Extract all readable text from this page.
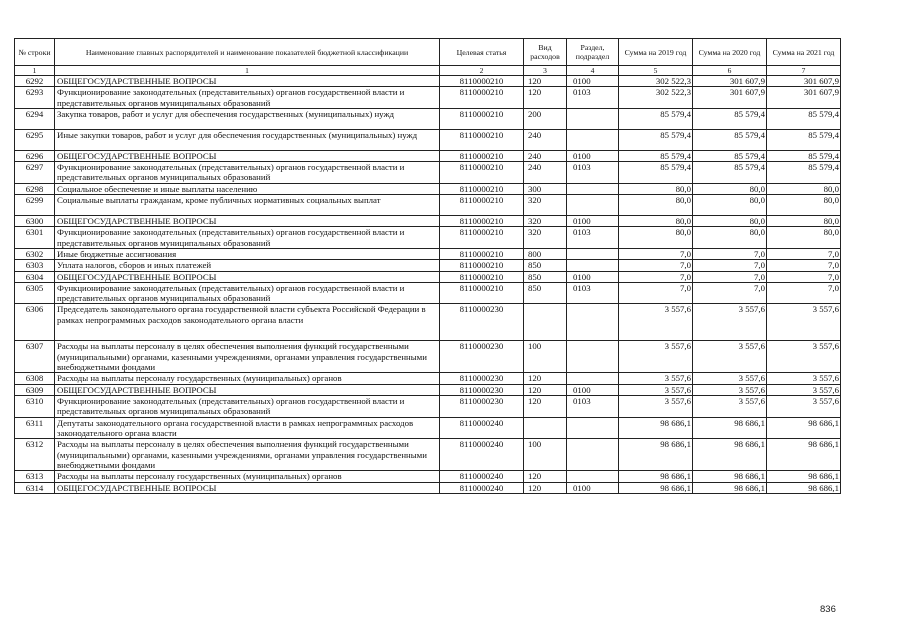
№ строки	Наименование главных распорядителей и наименование показателей бюджетной классификации	Целевая статья	Вид расходов	Раздел, подраздел	Сумма на 2019 год	Сумма на 2020 год	Сумма на 2021 год
1	1	2	3	4	5	6	7
6292	ОБЩЕГОСУДАРСТВЕННЫЕ ВОПРОСЫ	8110000210	120	0100	302 522,3	301 607,9	301 607,9
6293	Функционирование законодательных (представительных) органов государственной власти и представительных органов муниципальных образований	8110000210	120	0103	302 522,3	301 607,9	301 607,9
6294	Закупка товаров, работ и услуг для обеспечения государственных (муниципальных) нужд	8110000210	200		85 579,4	85 579,4	85 579,4
6295	Иные закупки товаров, работ и услуг для обеспечения государственных (муниципальных) нужд	8110000210	240		85 579,4	85 579,4	85 579,4
6296	ОБЩЕГОСУДАРСТВЕННЫЕ ВОПРОСЫ	8110000210	240	0100	85 579,4	85 579,4	85 579,4
6297	Функционирование законодательных (представительных) органов государственной власти и представительных органов муниципальных образований	8110000210	240	0103	85 579,4	85 579,4	85 579,4
6298	Социальное обеспечение и иные выплаты населению	8110000210	300		80,0	80,0	80,0
6299	Социальные выплаты гражданам, кроме публичных нормативных социальных выплат	8110000210	320		80,0	80,0	80,0
6300	ОБЩЕГОСУДАРСТВЕННЫЕ ВОПРОСЫ	8110000210	320	0100	80,0	80,0	80,0
6301	Функционирование законодательных (представительных) органов государственной власти и представительных органов муниципальных образований	8110000210	320	0103	80,0	80,0	80,0
6302	Иные бюджетные ассигнования	8110000210	800		7,0	7,0	7,0
6303	Уплата налогов, сборов и иных платежей	8110000210	850		7,0	7,0	7,0
6304	ОБЩЕГОСУДАРСТВЕННЫЕ ВОПРОСЫ	8110000210	850	0100	7,0	7,0	7,0
6305	Функционирование законодательных (представительных) органов государственной власти и представительных органов муниципальных образований	8110000210	850	0103	7,0	7,0	7,0
6306	Председатель законодательного органа государственной власти субъекта Российской Федерации в рамках непрограммных расходов законодательного органа власти	8110000230			3 557,6	3 557,6	3 557,6
6307	Расходы на выплаты персоналу в целях обеспечения выполнения функций государственными (муниципальными) органами, казенными учреждениями, органами управления государственными внебюджетными фондами	8110000230	100		3 557,6	3 557,6	3 557,6
6308	Расходы на выплаты персоналу государственных (муниципальных) органов	8110000230	120		3 557,6	3 557,6	3 557,6
6309	ОБЩЕГОСУДАРСТВЕННЫЕ ВОПРОСЫ	8110000230	120	0100	3 557,6	3 557,6	3 557,6
6310	Функционирование законодательных (представительных) органов государственной власти и представительных органов муниципальных образований	8110000230	120	0103	3 557,6	3 557,6	3 557,6
6311	Депутаты законодательного органа государственной власти в рамках непрограммных расходов законодательного органа власти	8110000240			98 686,1	98 686,1	98 686,1
6312	Расходы на выплаты персоналу в целях обеспечения выполнения функций государственными (муниципальными) органами, казенными учреждениями, органами управления государственными внебюджетными фондами	8110000240	100		98 686,1	98 686,1	98 686,1
6313	Расходы на выплаты персоналу государственных (муниципальных) органов	8110000240	120		98 686,1	98 686,1	98 686,1
6314	ОБЩЕГОСУДАРСТВЕННЫЕ ВОПРОСЫ	8110000240	120	0100	98 686,1	98 686,1	98 686,1
836
